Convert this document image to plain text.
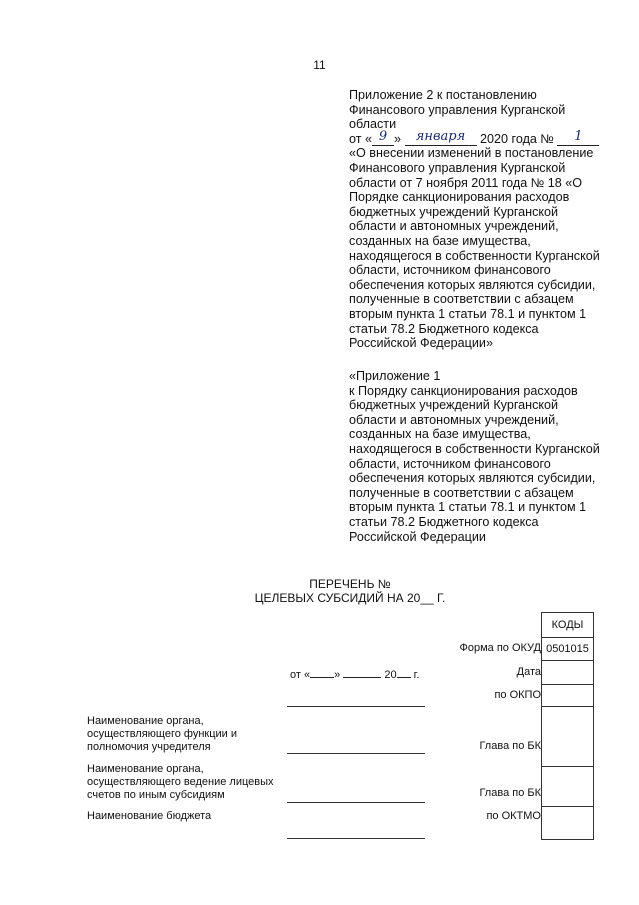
11
Приложение 2 к постановлению
Финансового управления Курганской
области
от « 9 » января 2020 года № 1
«О внесении изменений в постановление
Финансового управления Курганской
области от 7 ноября 2011 года № 18 «О
Порядке санкционирования расходов
бюджетных учреждений Курганской
области и автономных учреждений,
созданных на базе имущества,
находящегося в собственности Курганской
области, источником финансового
обеспечения которых являются субсидии,
полученные в соответствии с абзацем
вторым пункта 1 статьи 78.1 и пунктом 1
статьи 78.2 Бюджетного кодекса
Российской Федерации»
«Приложение 1
к Порядку санкционирования расходов
бюджетных учреждений Курганской
области и автономных учреждений,
созданных на базе имущества,
находящегося в собственности Курганской
области, источником финансового
обеспечения которых являются субсидии,
полученные в соответствии с абзацем
вторым пункта 1 статьи 78.1 и пунктом 1
статьи 78.2 Бюджетного кодекса
Российской Федерации
ПЕРЕЧЕНЬ №
ЦЕЛЕВЫХ СУБСИДИЙ НА 20__ Г.
от « »	20 г.
Наименование органа,
осуществляющего функции и
полномочия учредителя
Наименование органа,
осуществляющего ведение лицевых
счетов по иным субсидиям
Наименование бюджета
Форма по ОКУД
Дата
по ОКПО
Глава по БК
Глава по БК
по ОКТМО
КОДЫ
0501015
